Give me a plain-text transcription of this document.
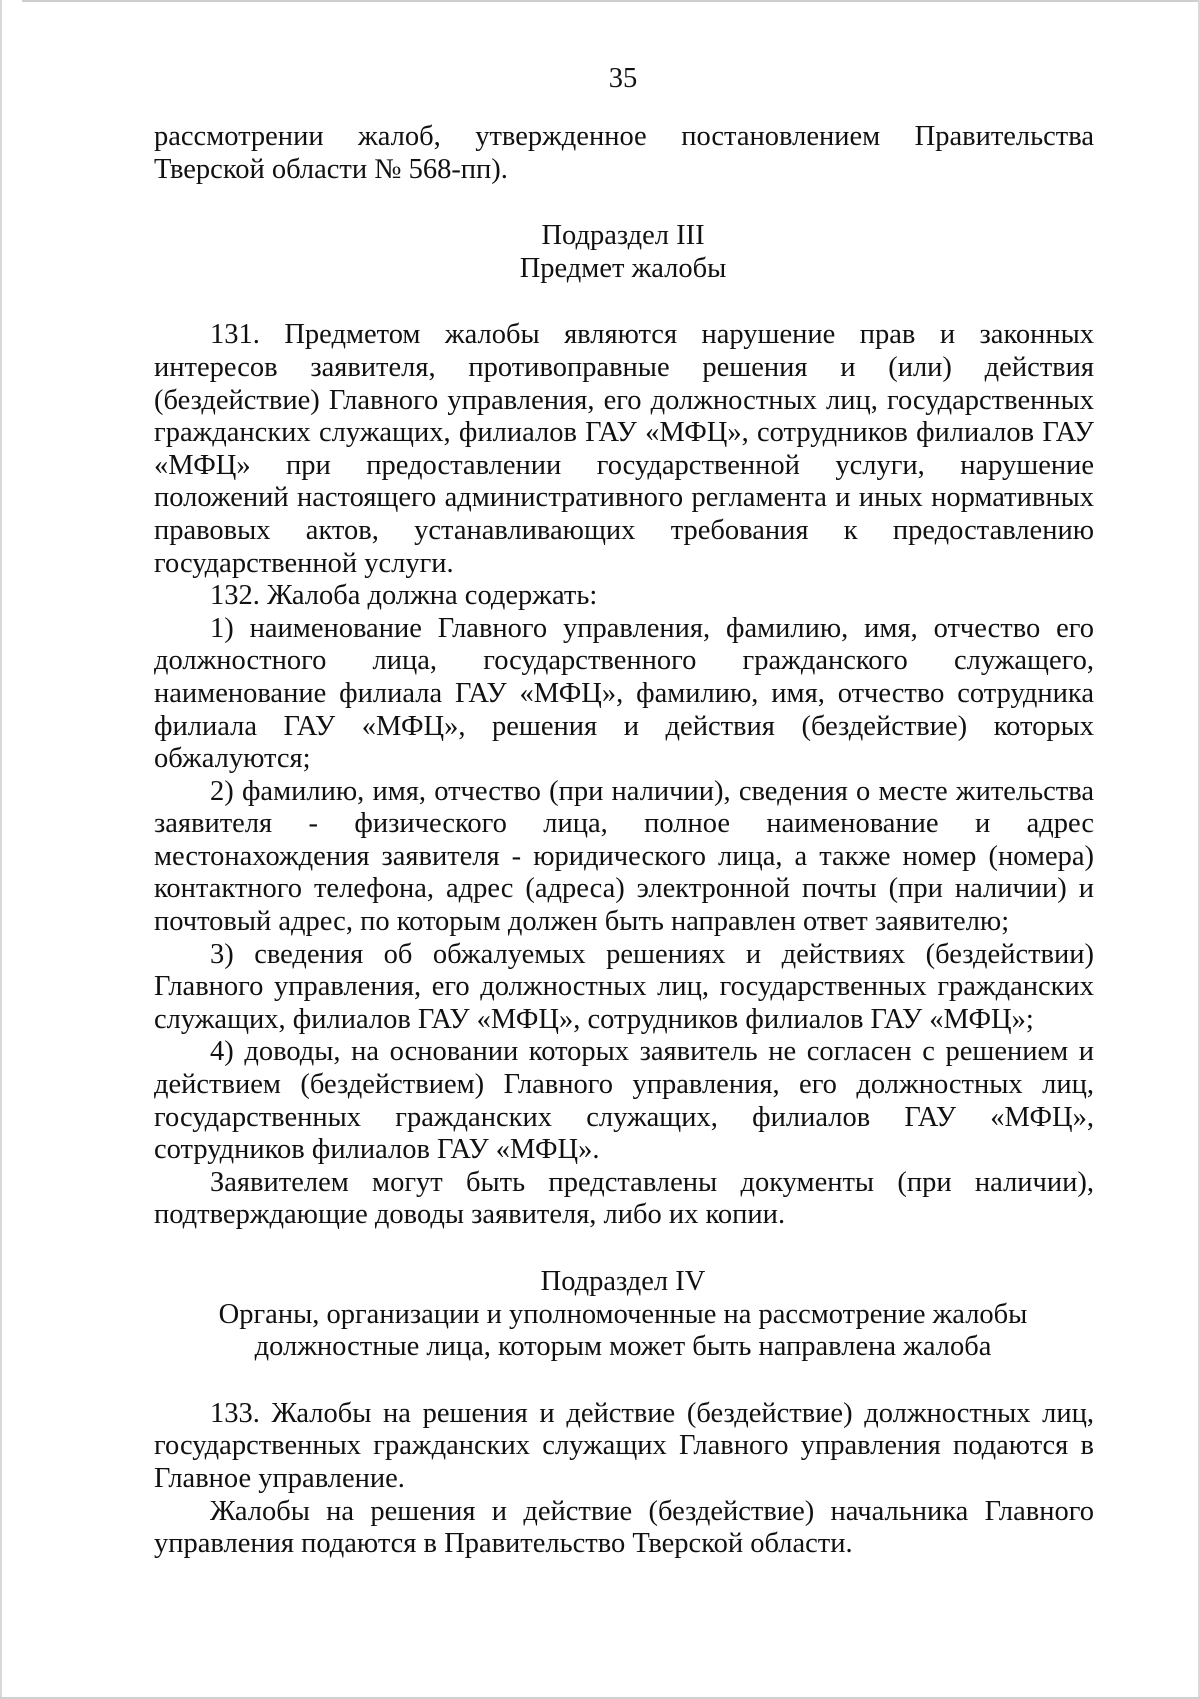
35

рассмотрении жалоб, утвержденное постановлением Правительства Тверской области № 568-пп).

Подраздел III
Предмет жалобы

131. Предметом жалобы являются нарушение прав и законных интересов заявителя, противоправные решения и (или) действия (бездействие) Главного управления, его должностных лиц, государственных гражданских служащих, филиалов ГАУ «МФЦ», сотрудников филиалов ГАУ «МФЦ» при предоставлении государственной услуги, нарушение положений настоящего административного регламента и иных нормативных правовых актов, устанавливающих требования к предоставлению государственной услуги.

132. Жалоба должна содержать:

1) наименование Главного управления, фамилию, имя, отчество его должностного лица, государственного гражданского служащего, наименование филиала ГАУ «МФЦ», фамилию, имя, отчество сотрудника филиала ГАУ «МФЦ», решения и действия (бездействие) которых обжалуются;

2) фамилию, имя, отчество (при наличии), сведения о месте жительства заявителя - физического лица, полное наименование и адрес местонахождения заявителя - юридического лица, а также номер (номера) контактного телефона, адрес (адреса) электронной почты (при наличии) и почтовый адрес, по которым должен быть направлен ответ заявителю;

3) сведения об обжалуемых решениях и действиях (бездействии) Главного управления, его должностных лиц, государственных гражданских служащих, филиалов ГАУ «МФЦ», сотрудников филиалов ГАУ «МФЦ»;

4) доводы, на основании которых заявитель не согласен с решением и действием (бездействием) Главного управления, его должностных лиц, государственных гражданских служащих, филиалов ГАУ «МФЦ», сотрудников филиалов ГАУ «МФЦ».

Заявителем могут быть представлены документы (при наличии), подтверждающие доводы заявителя, либо их копии.

Подраздел IV
Органы, организации и уполномоченные на рассмотрение жалобы
должностные лица, которым может быть направлена жалоба

133. Жалобы на решения и действие (бездействие) должностных лиц, государственных гражданских служащих Главного управления подаются в Главное управление.

Жалобы на решения и действие (бездействие) начальника Главного управления подаются в Правительство Тверской области.
